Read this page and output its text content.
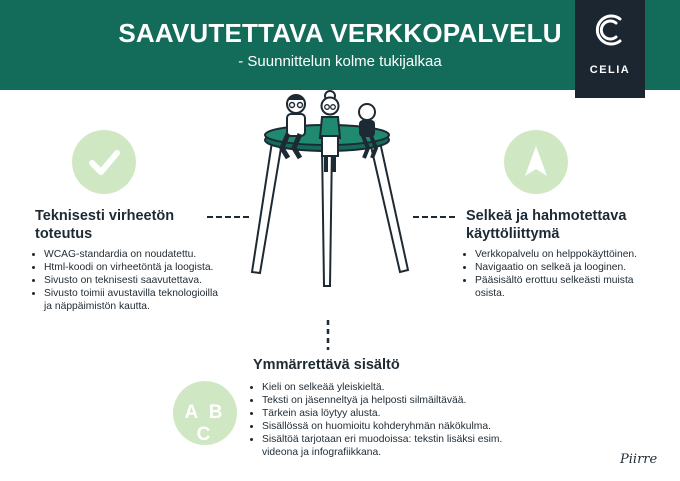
SAAVUTETTAVA VERKKOPALVELU
- Suunnittelun kolme tukijalkaa	CELIA
Teknisesti virheetön
toteutus
• WCAG-standardia on noudatettu.
• Html-koodi on virheetöntä ja loogista.
• Sivusto on teknisesti saavutettava.
• Sivusto toimii avustavilla teknologioilla ja näppäimistön kautta.
Selkeä ja hahmotettava
käyttöliittymä
• Verkkopalvelu on helppokäyttöinen.
• Navigaatio on selkeä ja looginen.
• Pääsisältö erottuu selkeästi muista osista.
A B C
Ymmärrettävä sisältö
• Kieli on selkeää yleiskieltä.
• Teksti on jäsenneltyä ja helposti silmäiltävää.
• Tärkein asia löytyy alusta.
• Sisällössä on huomioitu kohderyhmän näkökulma.
• Sisältöä tarjotaan eri muodoissa: tekstin lisäksi esim. videona ja infografiikkana.	Piirre
